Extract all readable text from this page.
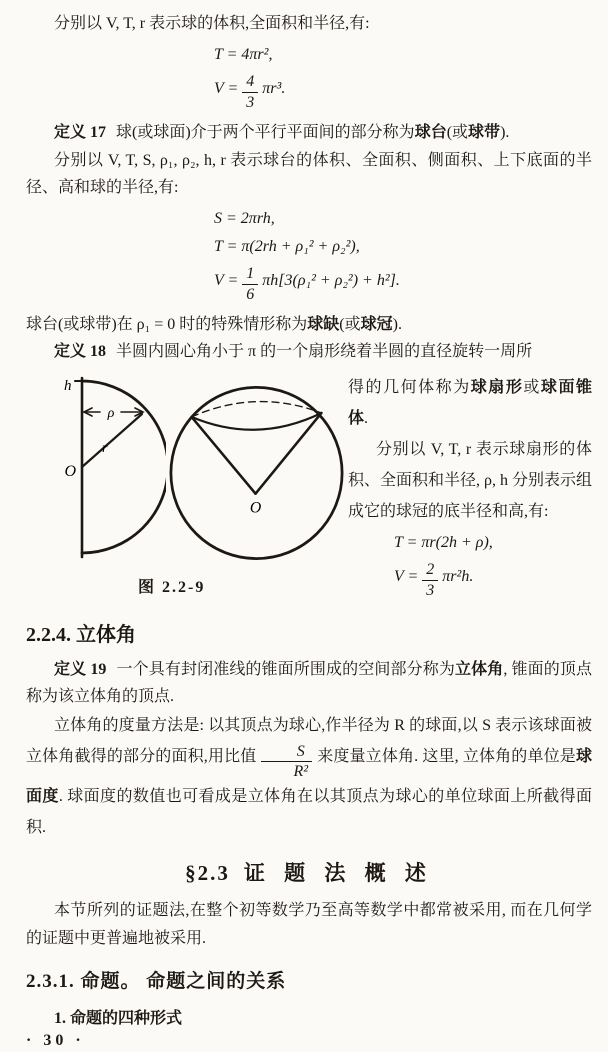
分别以 V, T, r 表示球的体积,全面积和半径,有:

T = 4πr²,
$V = \frac{4}{3} \pi r^3$.

定义 17 球(或球面)介于两个平行平面间的部分称为球台(或球带).

分别以 V, T, S, ρ₁, ρ₂, h, r 表示球台的体积、全面积、侧面积、上下底面的半径、高和球的半径,有:

S = 2πrh,
T = π(2rh + ρ₁² + ρ₂²),
$V = \frac{1}{6} \pi h[3(\rho_1^2 + \rho_2^2) + h^2]$.

球台(或球带)在 ρ₁ = 0 时的特殊情形称为球缺(或球冠).

定义 18 半圆内圆心角小于 π 的一个扇形绕着半圆的直径旋转一周所

h
ρ
r
O
O
图 2.2-9

得的几何体称为球扇形或球面锥体.

分别以 V, T, r 表示球扇形的体积、全面积和半径, ρ, h 分别表示组成它的球冠的底半径和高,有:

T = πr(2h + ρ),
$V = \frac{2}{3} \pi r^2h$.
2.2.4. 立体角

定义 19 一个具有封闭准线的锥面所围成的空间部分称为立体角, 锥面的顶点称为该立体角的顶点.

立体角的度量方法是: 以其顶点为球心,作半径为 R 的球面,以 S 表示该球面被立体角截得的部分的面积,用比值 $\frac{S}{\text{R²}}$ 来度量立体角. 这里, 立体角的单位是球面度. 球面度的数值也可看成是立体角在以其顶点为球心的单位球面上所截得面积.

§2.3 证 题 法 概 述

本节所列的证题法,在整个初等数学乃至高等数学中都常被采用, 而在几何学的证题中更普遍地被采用.

2.3.1. 命题。 命题之间的关系

1. 命题的四种形式

· 30 ·
